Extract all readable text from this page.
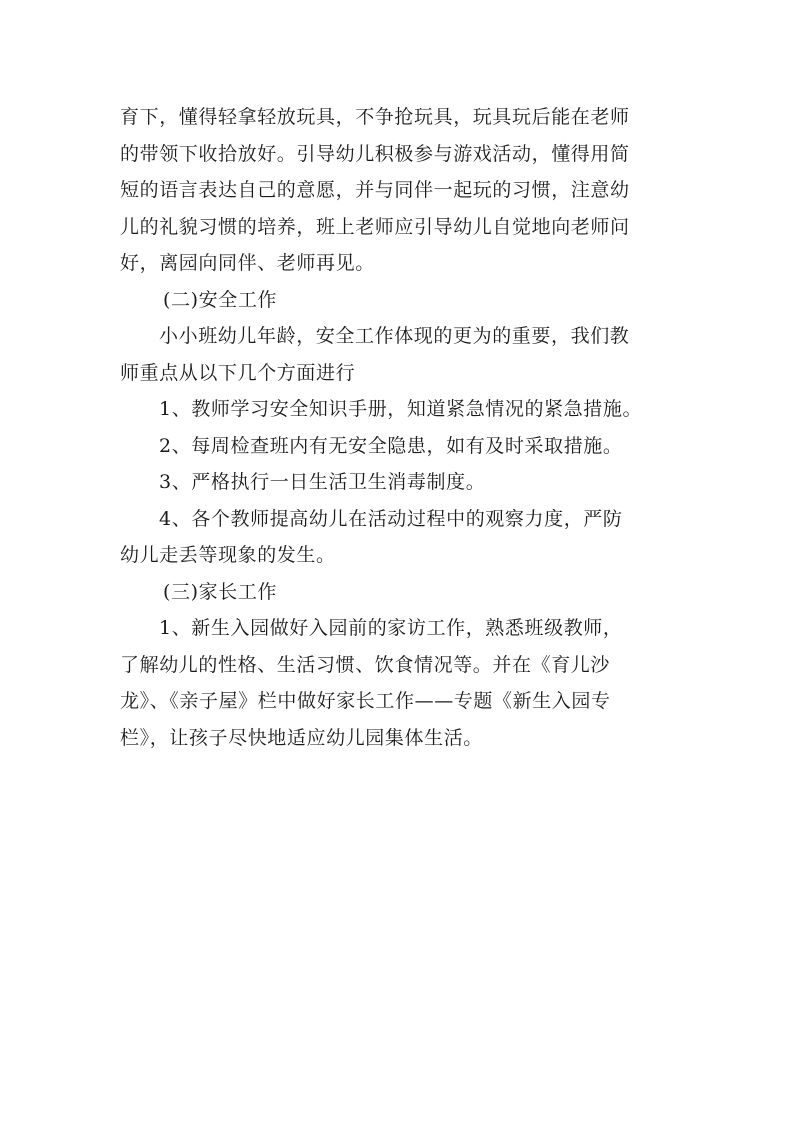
育下，懂得轻拿轻放玩具，不争抢玩具，玩具玩后能在老师
的带领下收拾放好。引导幼儿积极参与游戏活动，懂得用简
短的语言表达自己的意愿，并与同伴一起玩的习惯，注意幼
儿的礼貌习惯的培养，班上老师应引导幼儿自觉地向老师问
好，离园向同伴、老师再见。
(二)安全工作
小小班幼儿年龄，安全工作体现的更为的重要，我们教
师重点从以下几个方面进行
1、教师学习安全知识手册，知道紧急情况的紧急措施。
2、每周检查班内有无安全隐患，如有及时采取措施。
3、严格执行一日生活卫生消毒制度。
4、各个教师提高幼儿在活动过程中的观察力度，严防
幼儿走丢等现象的发生。
(三)家长工作
1、新生入园做好入园前的家访工作，熟悉班级教师，
了解幼儿的性格、生活习惯、饮食情况等。并在《育儿沙
龙》、《亲子屋》栏中做好家长工作——专题《新生入园专
栏》，让孩子尽快地适应幼儿园集体生活。
